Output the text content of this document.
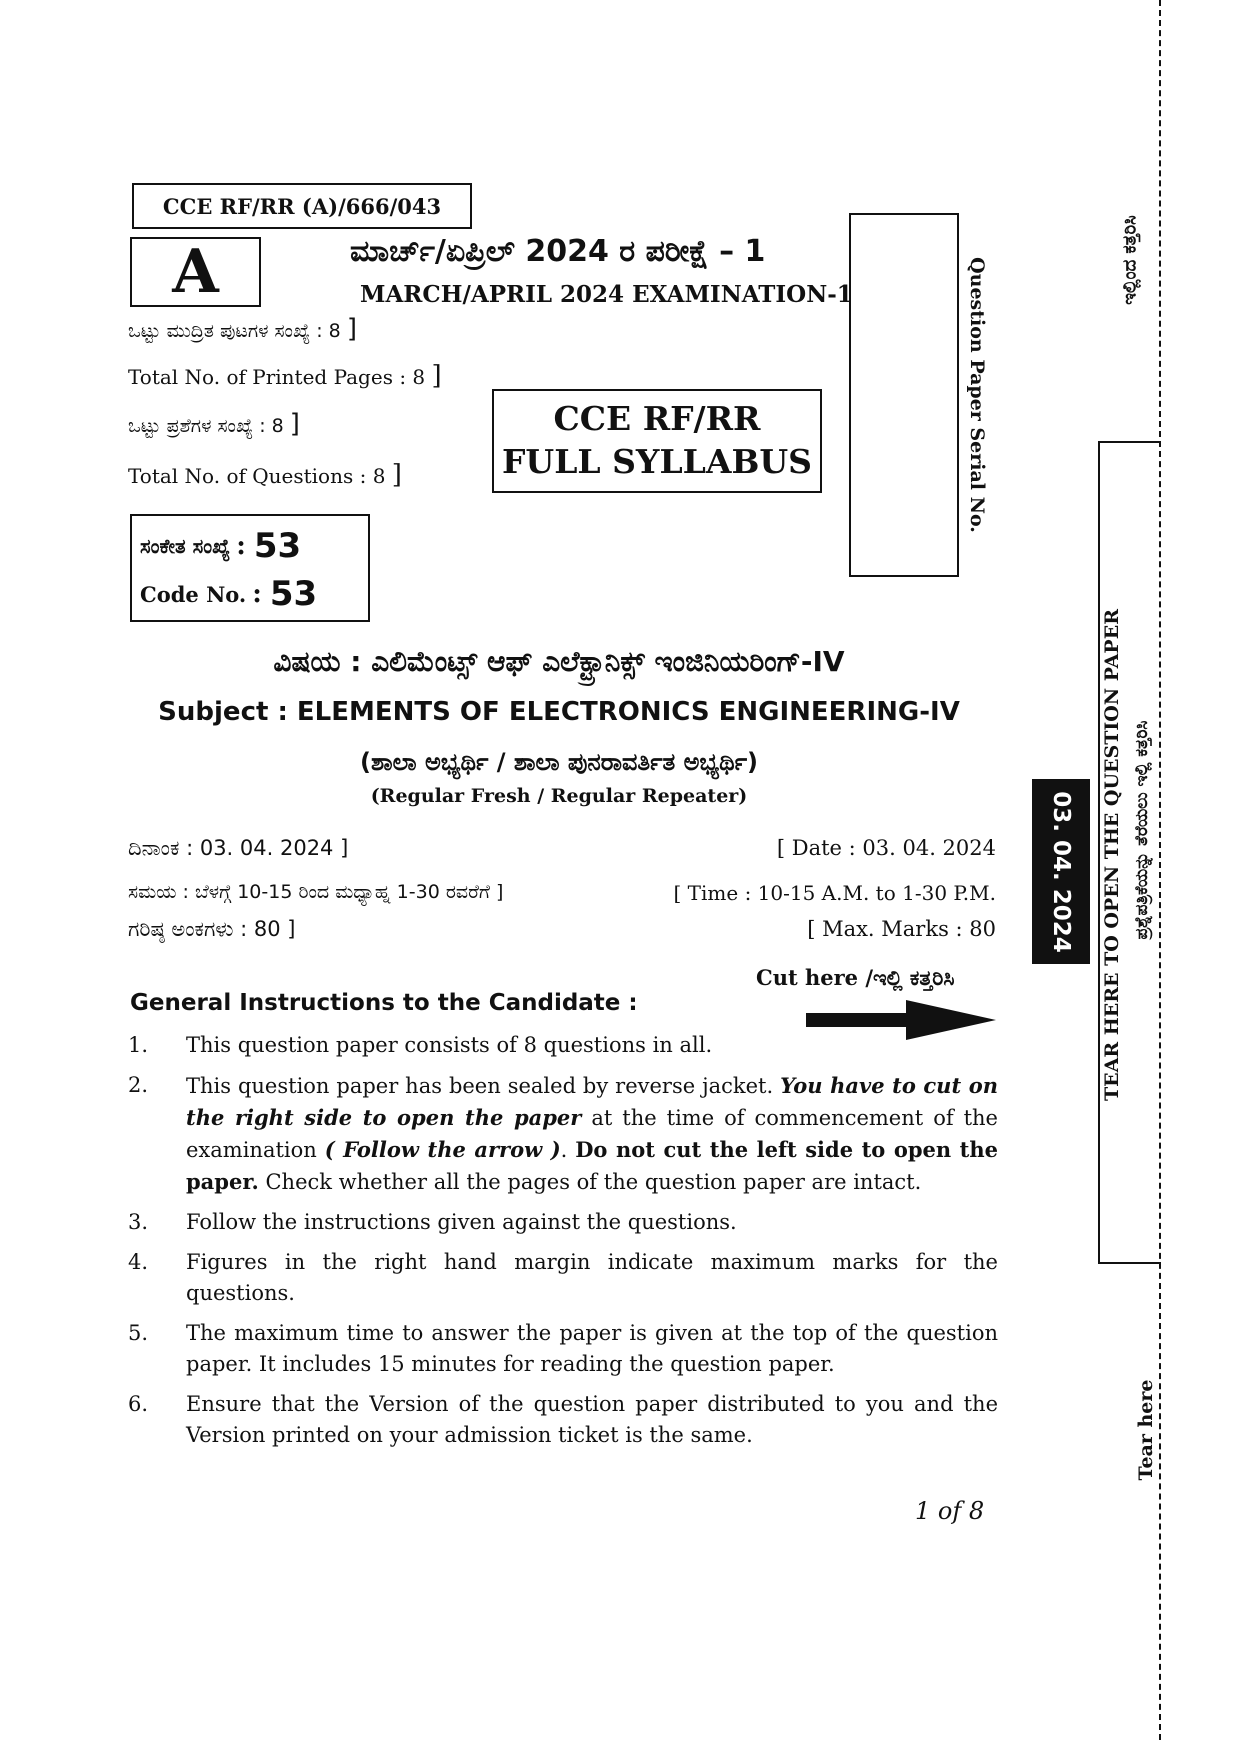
CCE RF/RR (A)/666/043
A	ಮಾರ್ಚ್/ಏಪ್ರಿಲ್ 2024 ರ ಪರೀಕ್ಷೆ – 1
MARCH/APRIL 2024 EXAMINATION-1
ಒಟ್ಟು ಮುದ್ರಿತ ಪುಟಗಳ ಸಂಖ್ಯೆ : 8 ]
Total No. of Printed Pages : 8 ]
ಒಟ್ಟು ಪ್ರಶೆಗಳ ಸಂಖ್ಯೆ : 8 ]
Total No. of Questions : 8 ]
CCE RF/RR
FULL SYLLABUS	Question Paper Serial No.
ಸಂಕೇತ ಸಂಖ್ಯೆ : 53
Code No. : 53
ವಿಷಯ : ಎಲಿಮೆಂಟ್ಸ್ ಆಫ್ ಎಲೆಕ್ಟ್ರಾನಿಕ್ಸ್ ಇಂಜಿನಿಯರಿಂಗ್-IV
Subject : ELEMENTS OF ELECTRONICS ENGINEERING-IV
(ಶಾಲಾ ಅಭ್ಯರ್ಥಿ / ಶಾಲಾ ಪುನರಾವರ್ತಿತ ಅಭ್ಯರ್ಥಿ)
(Regular Fresh / Regular Repeater)
ದಿನಾಂಕ : 03. 04. 2024 ]	[ Date : 03. 04. 2024
ಸಮಯ : ಬೆಳಗ್ಗೆ 10-15 ರಿಂದ ಮಧ್ಯಾಹ್ನ 1-30 ರವರೆಗೆ ]	[ Time : 10-15 A.M. to 1-30 P.M.
ಗರಿಷ್ಠ ಅಂಕಗಳು : 80 ]	[ Max. Marks : 80
Cut here /ಇಲ್ಲಿ ಕತ್ತರಿಸಿ
General Instructions to the Candidate :
1.	This question paper consists of 8 questions in all.
2.	This question paper has been sealed by reverse jacket. You have to cut on the right side to open the paper at the time of commencement of the examination ( Follow the arrow ). Do not cut the left side to open the paper. Check whether all the pages of the question paper are intact.
3.	Follow the instructions given against the questions.
4.	Figures in the right hand margin indicate maximum marks for the questions.
5.	The maximum time to answer the paper is given at the top of the question paper. It includes 15 minutes for reading the question paper.
6.	Ensure that the Version of the question paper distributed to you and the Version printed on your admission ticket is the same.
1 of 8
ಇಲ್ಲಿಂದ ಕತ್ತರಿಸಿ
TEAR HERE TO OPEN THE QUESTION PAPER ಪ್ರಶ್ನೆಪತ್ರಿಕೆಯನ್ನು ತೆರೆಯಲು ಇಲ್ಲಿ ಕತ್ತರಿಸಿ
03. 04. 2024
Tear here
